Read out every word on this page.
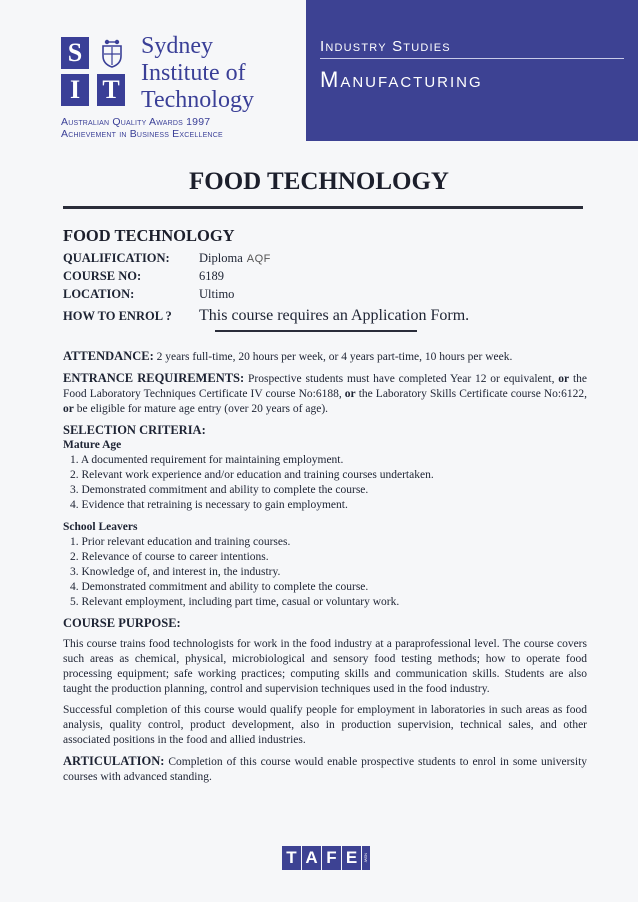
S
I T
Sydney
Institute of
Technology
Australian Quality Awards 1997
Achievement in Business Excellence
Industry Studies
Manufacturing
FOOD TECHNOLOGY
FOOD TECHNOLOGY
QUALIFICATION:	Diploma AQF
COURSE NO:	6189
LOCATION:	Ultimo
HOW TO ENROL ?	This course requires an Application Form.

ATTENDANCE: 2 years full-time, 20 hours per week, or 4 years part-time, 10 hours per week.

ENTRANCE REQUIREMENTS: Prospective students must have completed Year 12 or equivalent, or the Food Laboratory Techniques Certificate IV course No:6188, or the Laboratory Skills Certificate course No:6122, or be eligible for mature age entry (over 20 years of age).

SELECTION CRITERIA:
Mature Age
1. A documented requirement for maintaining employment.
2. Relevant work experience and/or education and training courses undertaken.
3. Demonstrated commitment and ability to complete the course.
4. Evidence that retraining is necessary to gain employment.
School Leavers
1. Prior relevant education and training courses.
2. Relevance of course to career intentions.
3. Knowledge of, and interest in, the industry.
4. Demonstrated commitment and ability to complete the course.
5. Relevant employment, including part time, casual or voluntary work.
COURSE PURPOSE:

This course trains food technologists for work in the food industry at a paraprofessional level. The course covers such areas as chemical, physical, microbiological and sensory food testing methods; how to operate food processing equipment; safe working practices; computing skills and communication skills. Students are also taught the production planning, control and supervision techniques used in the food industry.

Successful completion of this course would qualify people for employment in laboratories in such areas as food analysis, quality control, product development, also in production supervision, technical sales, and other associated positions in the food and allied industries.

ARTICULATION: Completion of this course would enable prospective students to enrol in some university courses with advanced standing.

T A F E	NSW
